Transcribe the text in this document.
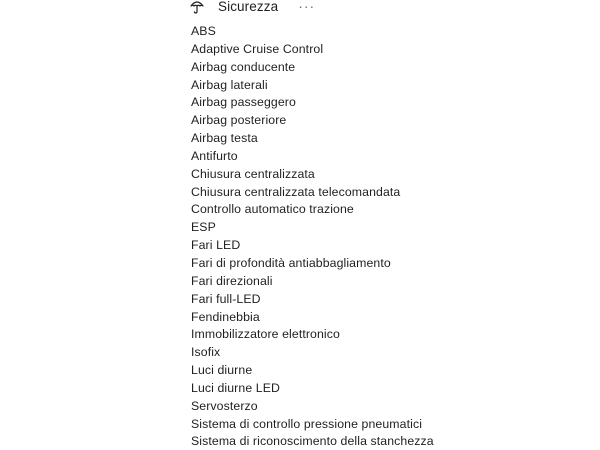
Sicurezza ···
ABS
Adaptive Cruise Control
Airbag conducente
Airbag laterali
Airbag passeggero
Airbag posteriore
Airbag testa
Antifurto
Chiusura centralizzata
Chiusura centralizzata telecomandata
Controllo automatico trazione
ESP
Fari LED
Fari di profondità antiabbagliamento
Fari direzionali
Fari full-LED
Fendinebbia
Immobilizzatore elettronico
Isofix
Luci diurne
Luci diurne LED
Servosterzo
Sistema di controllo pressione pneumatici
Sistema di riconoscimento della stanchezza
